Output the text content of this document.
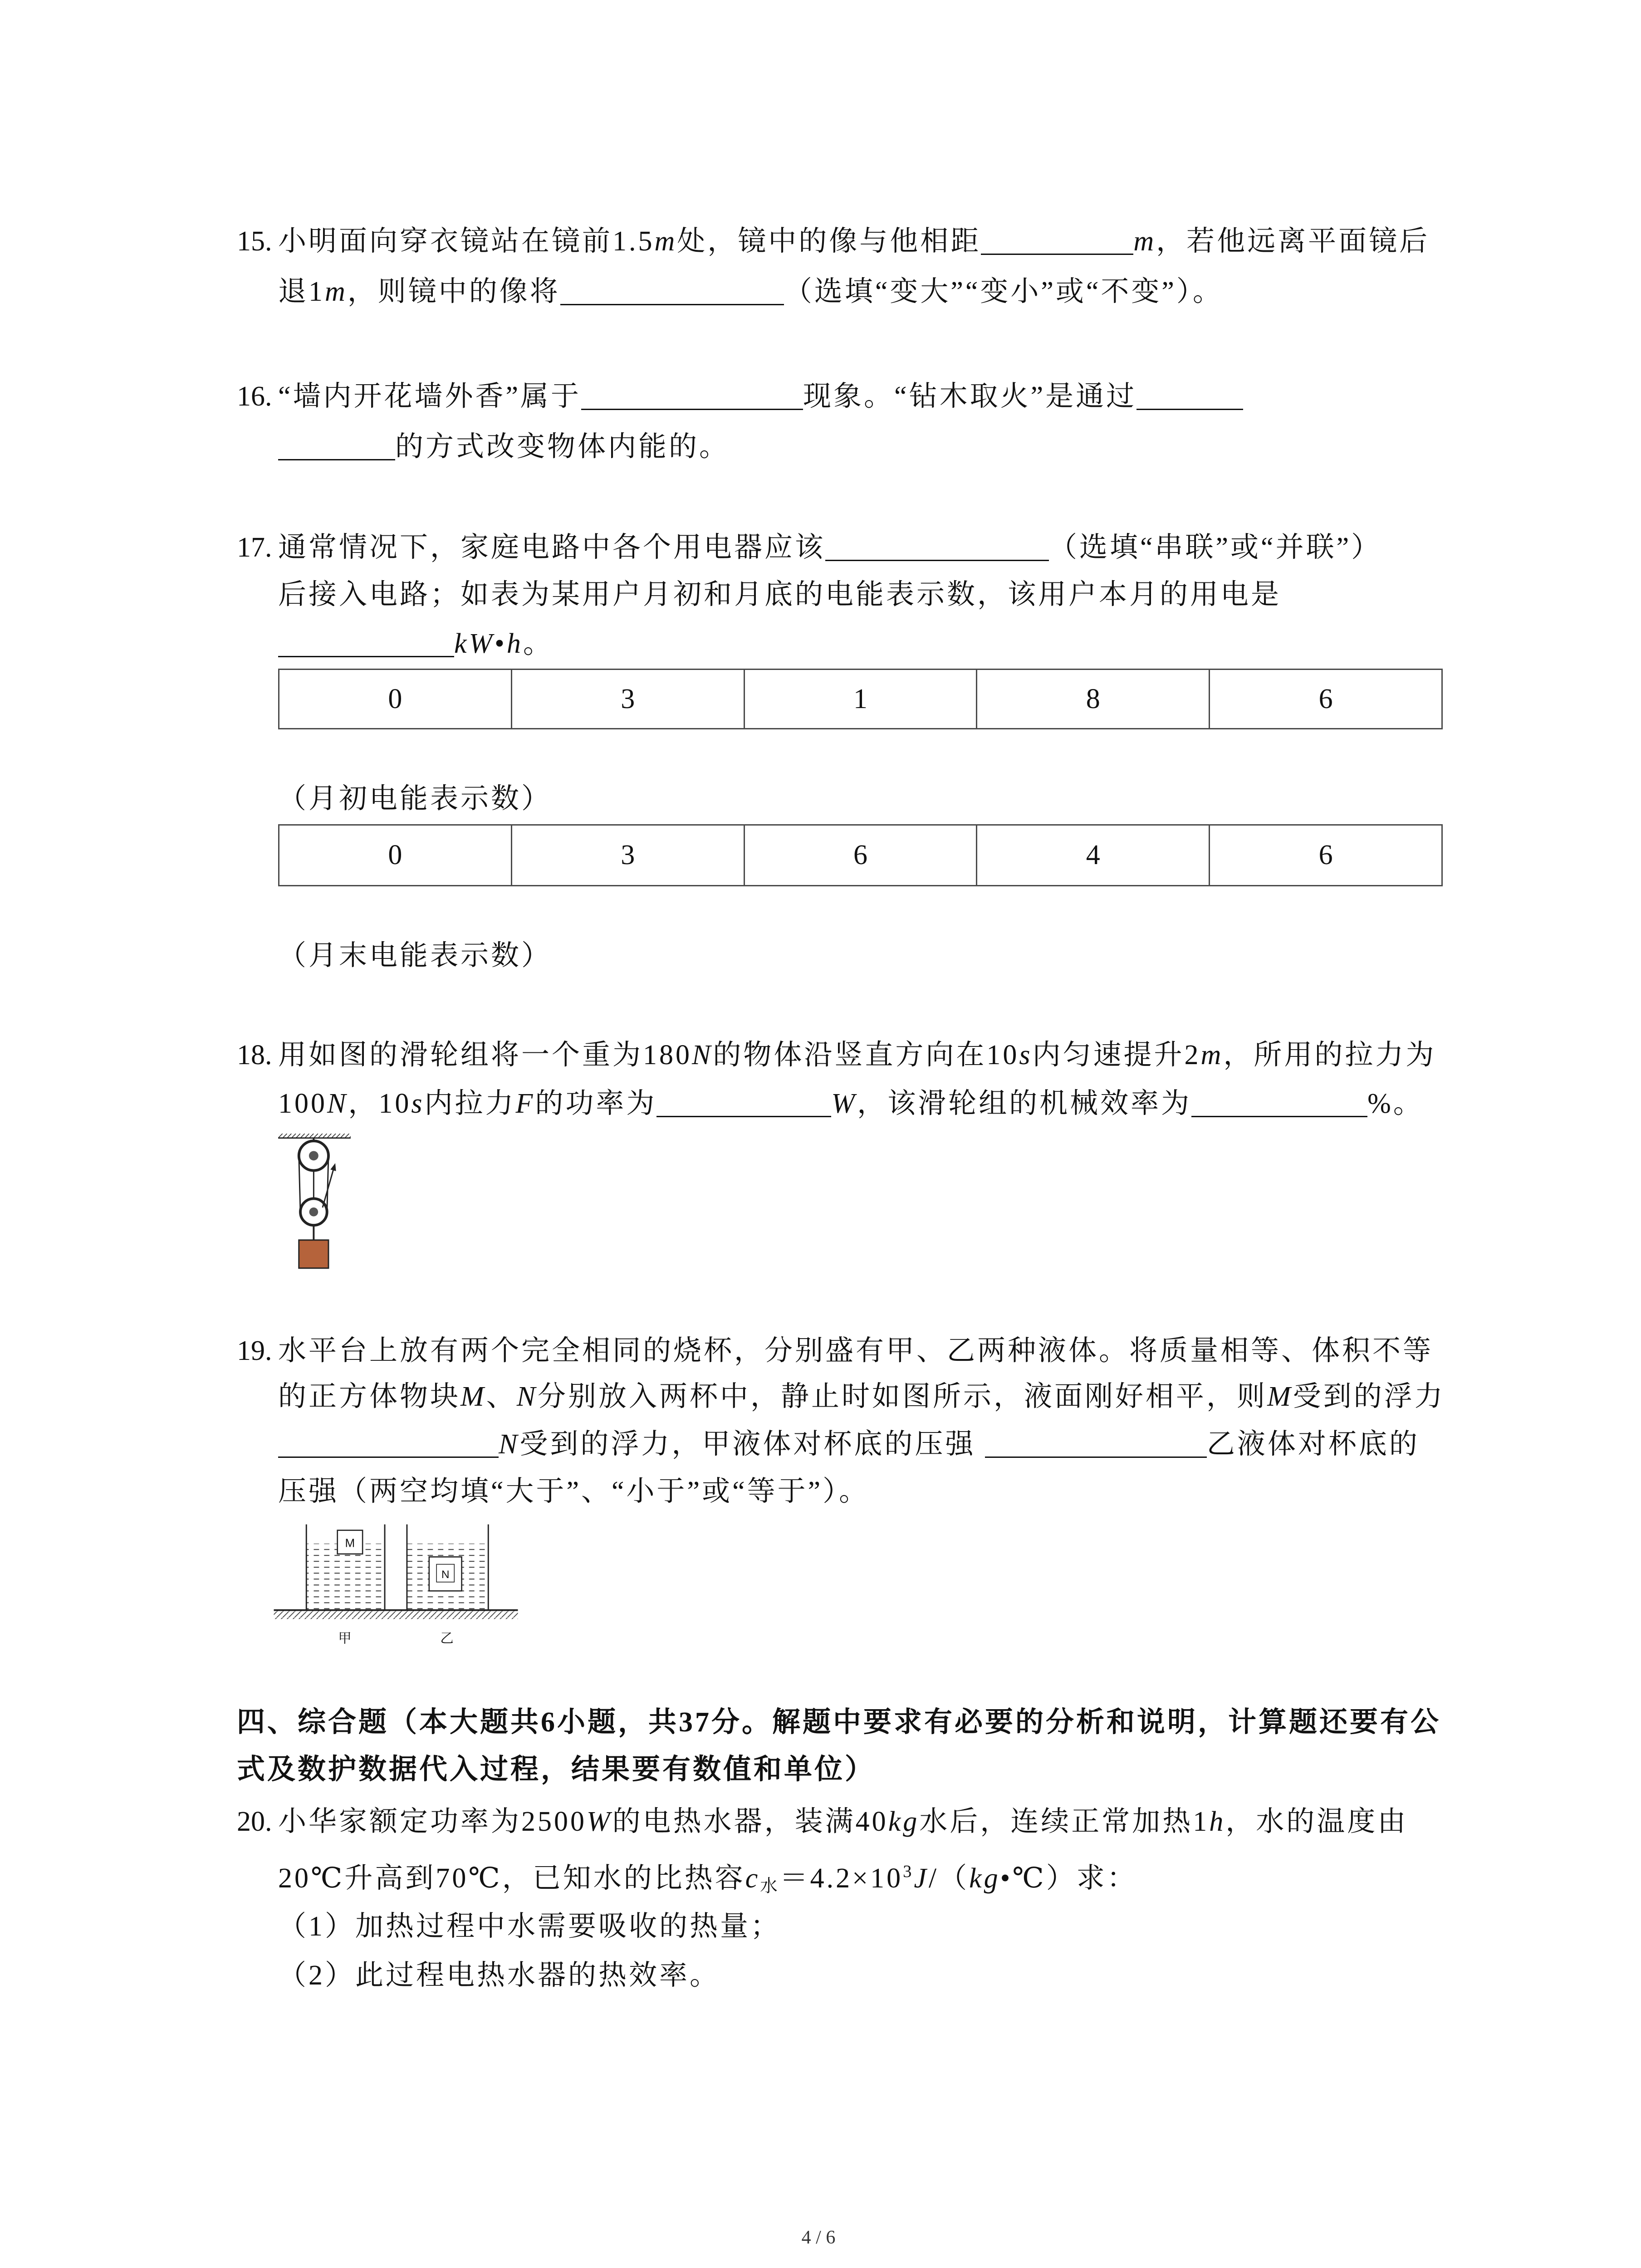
15. 小明面向穿衣镜站在镜前1.5m处，镜中的像与他相距	m，若他远离平面镜后
退1m，则镜中的像将	（选填“变大”“变小”或“不变”）。
16. “墙内开花墙外香”属于	现象。“钻木取火”是通过
的方式改变物体内能的。
17. 通常情况下，家庭电路中各个用电器应该	（选填“串联”或“并联”）
后接入电路；如表为某用户月初和月底的电能表示数，该用户本月的用电是
kW•h。
0	3	1	8	6
（月初电能表示数）
0	3	6	4	6
（月末电能表示数）
18. 用如图的滑轮组将一个重为180N的物体沿竖直方向在10s内匀速提升2m，所用的拉力为
100N，10s内拉力F的功率为	W，该滑轮组的机械效率为	%。
19. 水平台上放有两个完全相同的烧杯，分别盛有甲、乙两种液体。将质量相等、体积不等
的正方体物块M、N分别放入两杯中，静止时如图所示，液面刚好相平，则M受到的浮力
N受到的浮力，甲液体对杯底的压强	乙液体对杯底的
压强（两空均填“大于”、“小于”或“等于”）。
M
N
甲	乙
四、综合题（本大题共6小题，共37分。解题中要求有必要的分析和说明，计算题还要有公
式及数护数据代入过程，结果要有数值和单位）
20. 小华家额定功率为2500W的电热水器，装满40kg水后，连续正常加热1h，水的温度由
20℃升高到70℃，已知水的比热容$c_水=4.2\times 10^3J/(kg•℃)$求：
（1）加热过程中水需要吸收的热量；
（2）此过程电热水器的热效率。
4 / 6
